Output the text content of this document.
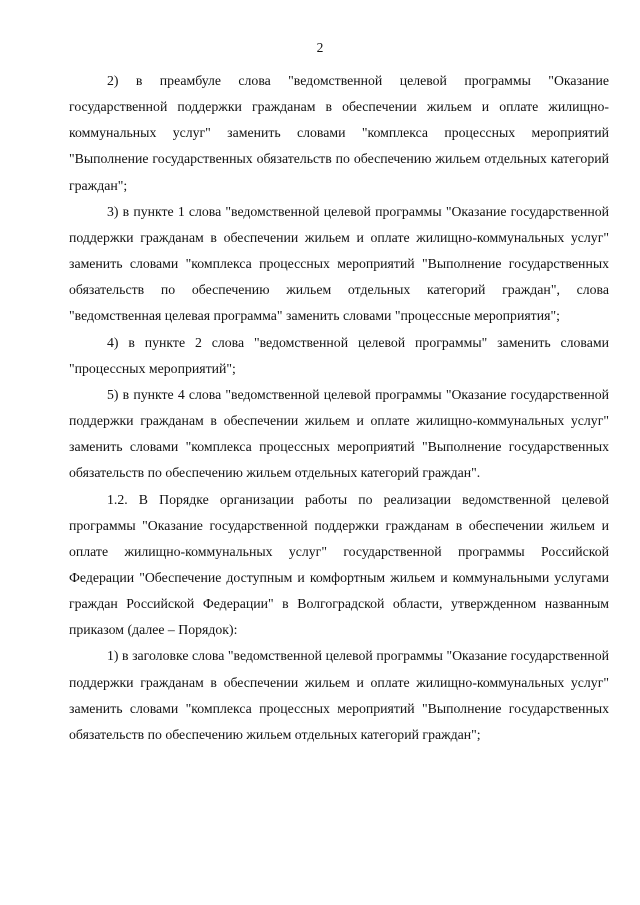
2

2) в преамбуле слова "ведомственной целевой программы "Оказание государственной поддержки гражданам в обеспечении жильем и оплате жилищно-коммунальных услуг" заменить словами "комплекса процессных мероприятий "Выполнение государственных обязательств по обеспечению жильем отдельных категорий граждан";

3) в пункте 1 слова "ведомственной целевой программы "Оказание государственной поддержки гражданам в обеспечении жильем и оплате жилищно-коммунальных услуг" заменить словами "комплекса процессных мероприятий "Выполнение государственных обязательств по обеспечению жильем отдельных категорий граждан", слова "ведомственная целевая программа" заменить словами "процессные мероприятия";

4) в пункте 2 слова "ведомственной целевой программы" заменить словами "процессных мероприятий";

5) в пункте 4 слова "ведомственной целевой программы "Оказание государственной поддержки гражданам в обеспечении жильем и оплате жилищно-коммунальных услуг" заменить словами "комплекса процессных мероприятий "Выполнение государственных обязательств по обеспечению жильем отдельных категорий граждан".

1.2. В Порядке организации работы по реализации ведомственной целевой программы "Оказание государственной поддержки гражданам в обеспечении жильем и оплате жилищно-коммунальных услуг" государственной программы Российской Федерации "Обеспечение доступным и комфортным жильем и коммунальными услугами граждан Российской Федерации" в Волгоградской области, утвержденном названным приказом (далее – Порядок):

1) в заголовке слова "ведомственной целевой программы "Оказание государственной поддержки гражданам в обеспечении жильем и оплате жилищно-коммунальных услуг" заменить словами "комплекса процессных мероприятий "Выполнение государственных обязательств по обеспечению жильем отдельных категорий граждан";
